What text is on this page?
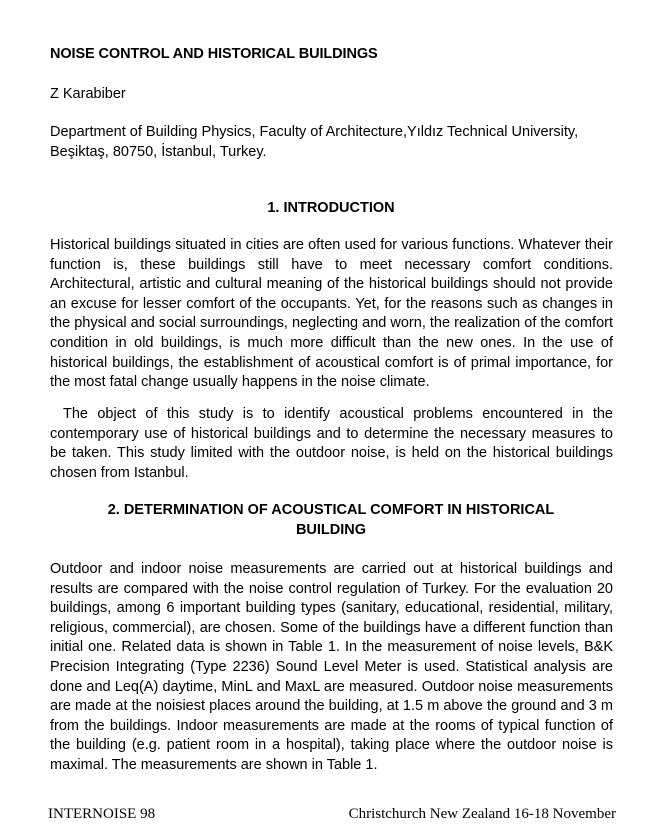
NOISE CONTROL AND HISTORICAL BUILDINGS
Z Karabiber
Department of Building Physics, Faculty of Architecture,Yıldız Technical University, Beşiktaş, 80750, İstanbul, Turkey.
1. INTRODUCTION
Historical buildings situated in cities are often used for various functions. Whatever their function is, these buildings still have to meet necessary comfort conditions. Architectural, artistic and cultural meaning of the historical buildings should not provide an excuse for lesser comfort of the occupants. Yet, for the reasons such as changes in the physical and social surroundings, neglecting and worn, the realization of the comfort condition in old buildings, is much more difficult than the new ones. In the use of historical buildings, the establishment of acoustical comfort is of primal importance, for the most fatal change usually happens in the noise climate.
The object of this study is to identify acoustical problems encountered in the contemporary use of historical buildings and to determine the necessary measures to be taken. This study limited with the outdoor noise, is held on the historical buildings chosen from Istanbul.
2. DETERMINATION OF ACOUSTICAL COMFORT IN HISTORICAL BUILDING
Outdoor and indoor noise measurements are carried out at historical buildings and results are compared with the noise control regulation of Turkey. For the evaluation 20 buildings, among 6 important building types (sanitary, educational, residential, military, religious, commercial), are chosen. Some of the buildings have a different function than initial one. Related data is shown in Table 1. In the measurement of noise levels, B&K Precision Integrating (Type 2236) Sound Level Meter is used. Statistical analysis are done and Leq(A) daytime, MinL and MaxL are measured. Outdoor noise measurements are made at the noisiest places around the building, at 1.5 m above the ground and 3 m from the buildings. Indoor measurements are made at the rooms of typical function of the building (e.g. patient room in a hospital), taking place where the outdoor noise is maximal. The measurements are shown in Table 1.
INTERNOISE 98	Christchurch New Zealand 16-18 November
